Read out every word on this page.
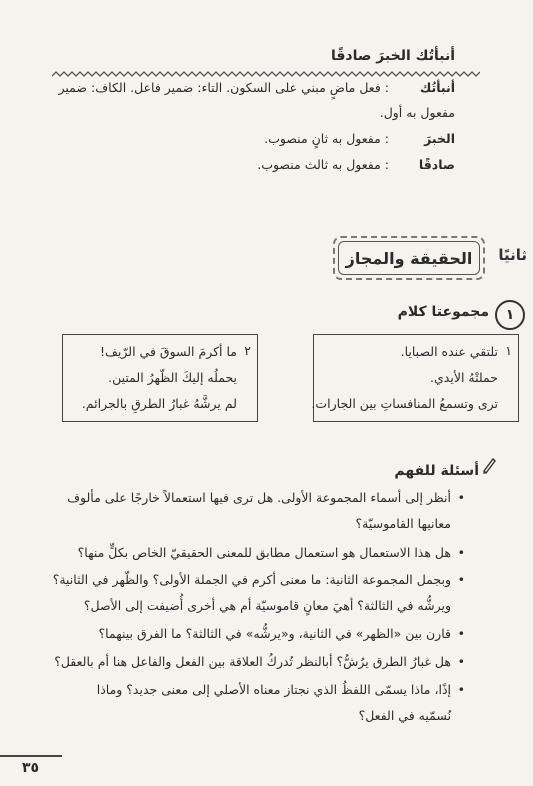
أنبأتُك الخبرَ صادقًا
أنبأتُك : فعل ماضٍ مبني على السكون. التاء: ضمير فاعل. الكاف: ضمير
مفعول به أول.
الخبرَ : مفعول به ثانٍ منصوب.
صادقًا : مفعول به ثالث منصوب.
ثانيًا
الحقيقة والمجاز
١
مجموعتا كلام
١
تلتقي عنده الصبايا.
حملتْهُ الأيدي.
ترى وتسمعُ المنافساتِ بين الجارات.
٢
ما أكرمَ السوقَ في الرّيف!
يحملُه إليكَ الظّهرُ المتين.
لم يرشَّهُ غبارُ الطرقِ بالجرائم.
أسئلة للفهم
•
أنظر إلى أسماء المجموعة الأولى. هل ترى فيها استعمالاً خارجًا على مألوف
معانيها القاموسيّة؟
•
هل هذا الاستعمال هو استعمال مطابق للمعنى الحقيقيّ الخاص بكلٍّ منها؟
•
وبجمل المجموعة الثانية: ما معنى أكرم في الجملة الأولى؟ والظّهر في الثانية؟
ويرشُّه في الثالثة؟ أهيَ معانٍ قاموسيّة أم هي أخرى أُضيفت إلى الأصل؟
•
قارن بين «الظهر» في الثانية، و«يرشُّه» في الثالثة؟ ما الفرق بينهما؟
•
هل غبارُ الطرق يرُشُّ؟ أبالنظر تُدركُ العلاقة بين الفعل والفاعل هنا أم بالعقل؟
•
إذًا، ماذا يسمّى اللفظُ الذي نجتاز معناه الأصلي إلى معنى جديد؟ وماذا
نُسمّيه في الفعل؟
٣٥
